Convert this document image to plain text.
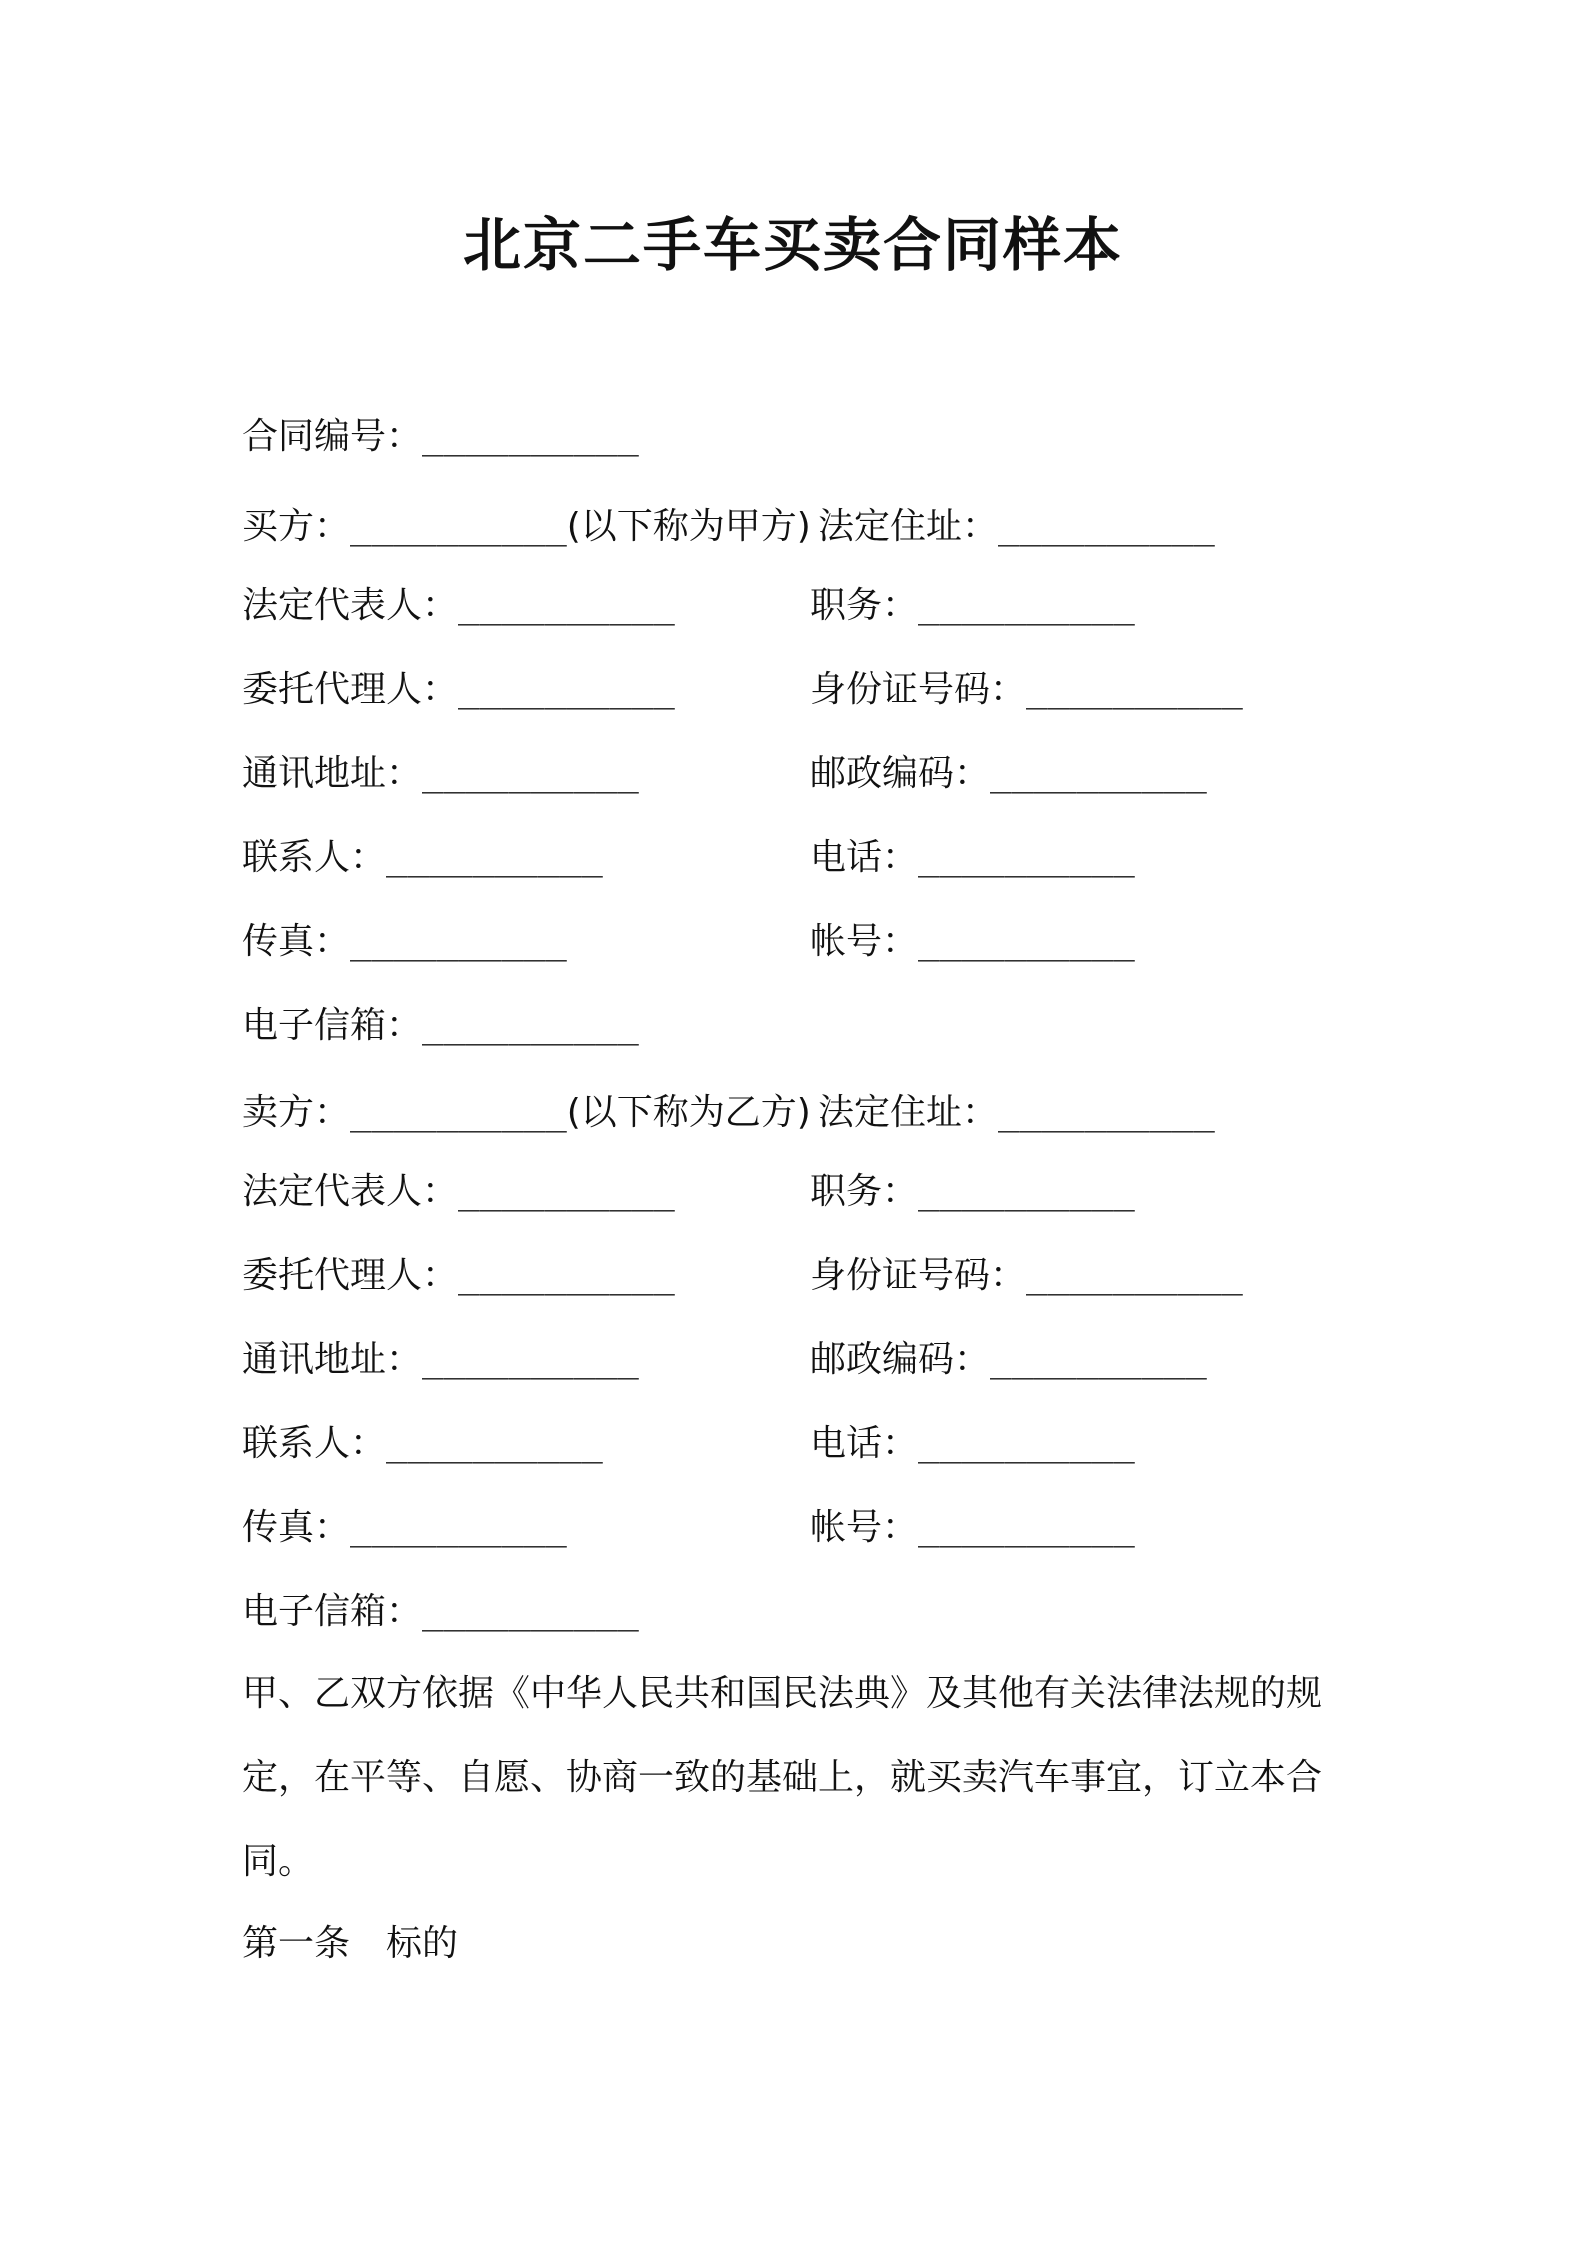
北京二手车买卖合同样本
合同编号：__________
买方：__________(以下称为甲方) 法定住址：__________
法定代表人：__________	职务：__________
委托代理人：__________	身份证号码：__________
通讯地址：__________	邮政编码：__________
联系人：__________	电话：__________
传真：__________	帐号：__________
电子信箱：__________
卖方：__________(以下称为乙方) 法定住址：__________
法定代表人：__________	职务：__________
委托代理人：__________	身份证号码：__________
通讯地址：__________	邮政编码：__________
联系人：__________	电话：__________
传真：__________	帐号：__________
电子信箱：__________
甲、乙双方依据《中华人民共和国民法典》及其他有关法律法规的规定，在平等、自愿、协商一致的基础上，就买卖汽车事宜，订立本合同。
第一条　标的
